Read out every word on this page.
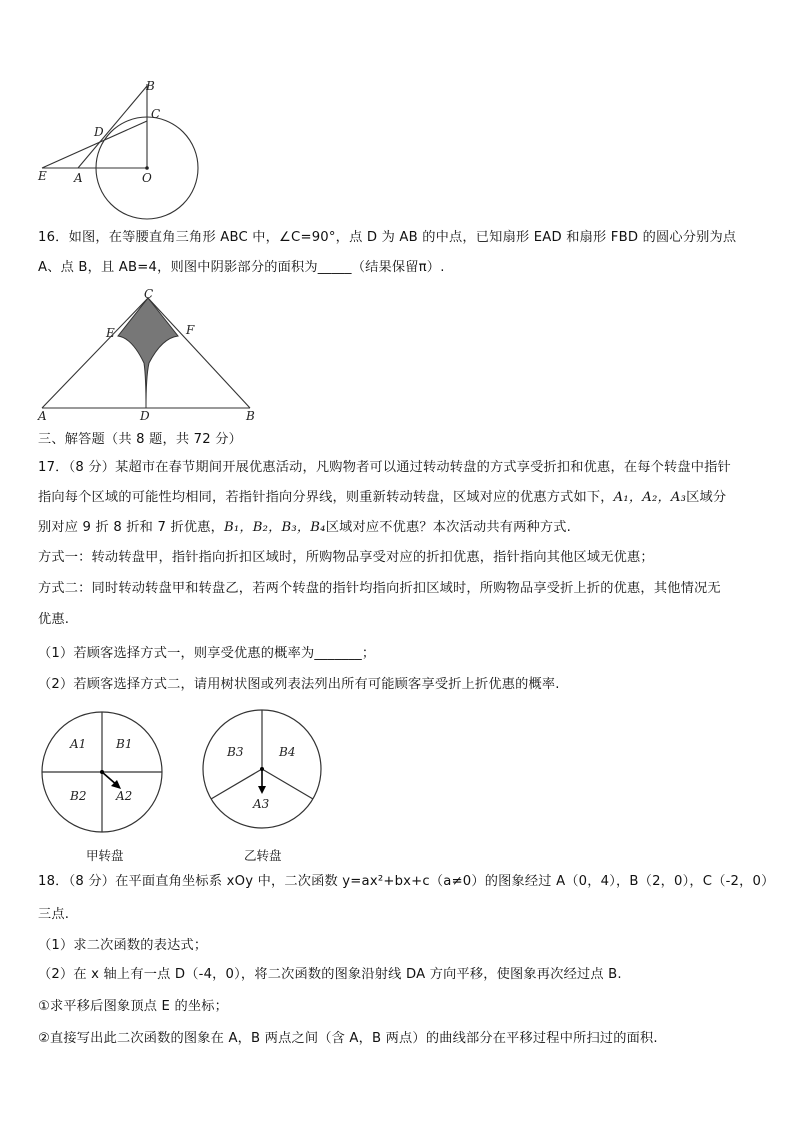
B
C
D
E A	O
16．如图，在等腰直角三角形 ABC 中，∠C=90°，点 D 为 AB 的中点，已知扇形 EAD 和扇形 FBD 的圆心分别为点
A、点 B，且 AB=4，则图中阴影部分的面积为_____（结果保留π）.
C
E	F
A	D	B
三、解答题（共 8 题，共 72 分）
17．（8 分）某超市在春节期间开展优惠活动，凡购物者可以通过转动转盘的方式享受折扣和优惠，在每个转盘中指针
指向每个区域的可能性均相同，若指针指向分界线，则重新转动转盘，区域对应的优惠方式如下，A₁，A₂，A₃区域分
别对应 9 折 8 折和 7 折优惠，B₁，B₂，B₃，B₄区域对应不优惠？本次活动共有两种方式.
方式一：转动转盘甲，指针指向折扣区域时，所购物品享受对应的折扣优惠，指针指向其他区域无优惠；
方式二：同时转动转盘甲和转盘乙，若两个转盘的指针均指向折扣区域时，所购物品享受折上折的优惠，其他情况无
优惠.
（1）若顾客选择方式一，则享受优惠的概率为_______；
（2）若顾客选择方式二，请用树状图或列表法列出所有可能顾客享受折上折优惠的概率.
A1 B1
B2 A2
甲转盘
B3	B4
A3
乙转盘
18．（8 分）在平面直角坐标系 xOy 中，二次函数 y=ax²+bx+c（a≠0）的图象经过 A（0，4），B（2，0），C（-2，0）
三点.
（1）求二次函数的表达式；
（2）在 x 轴上有一点 D（-4，0），将二次函数的图象沿射线 DA 方向平移，使图象再次经过点 B.
①求平移后图象顶点 E 的坐标；
②直接写出此二次函数的图象在 A，B 两点之间（含 A，B 两点）的曲线部分在平移过程中所扫过的面积.
